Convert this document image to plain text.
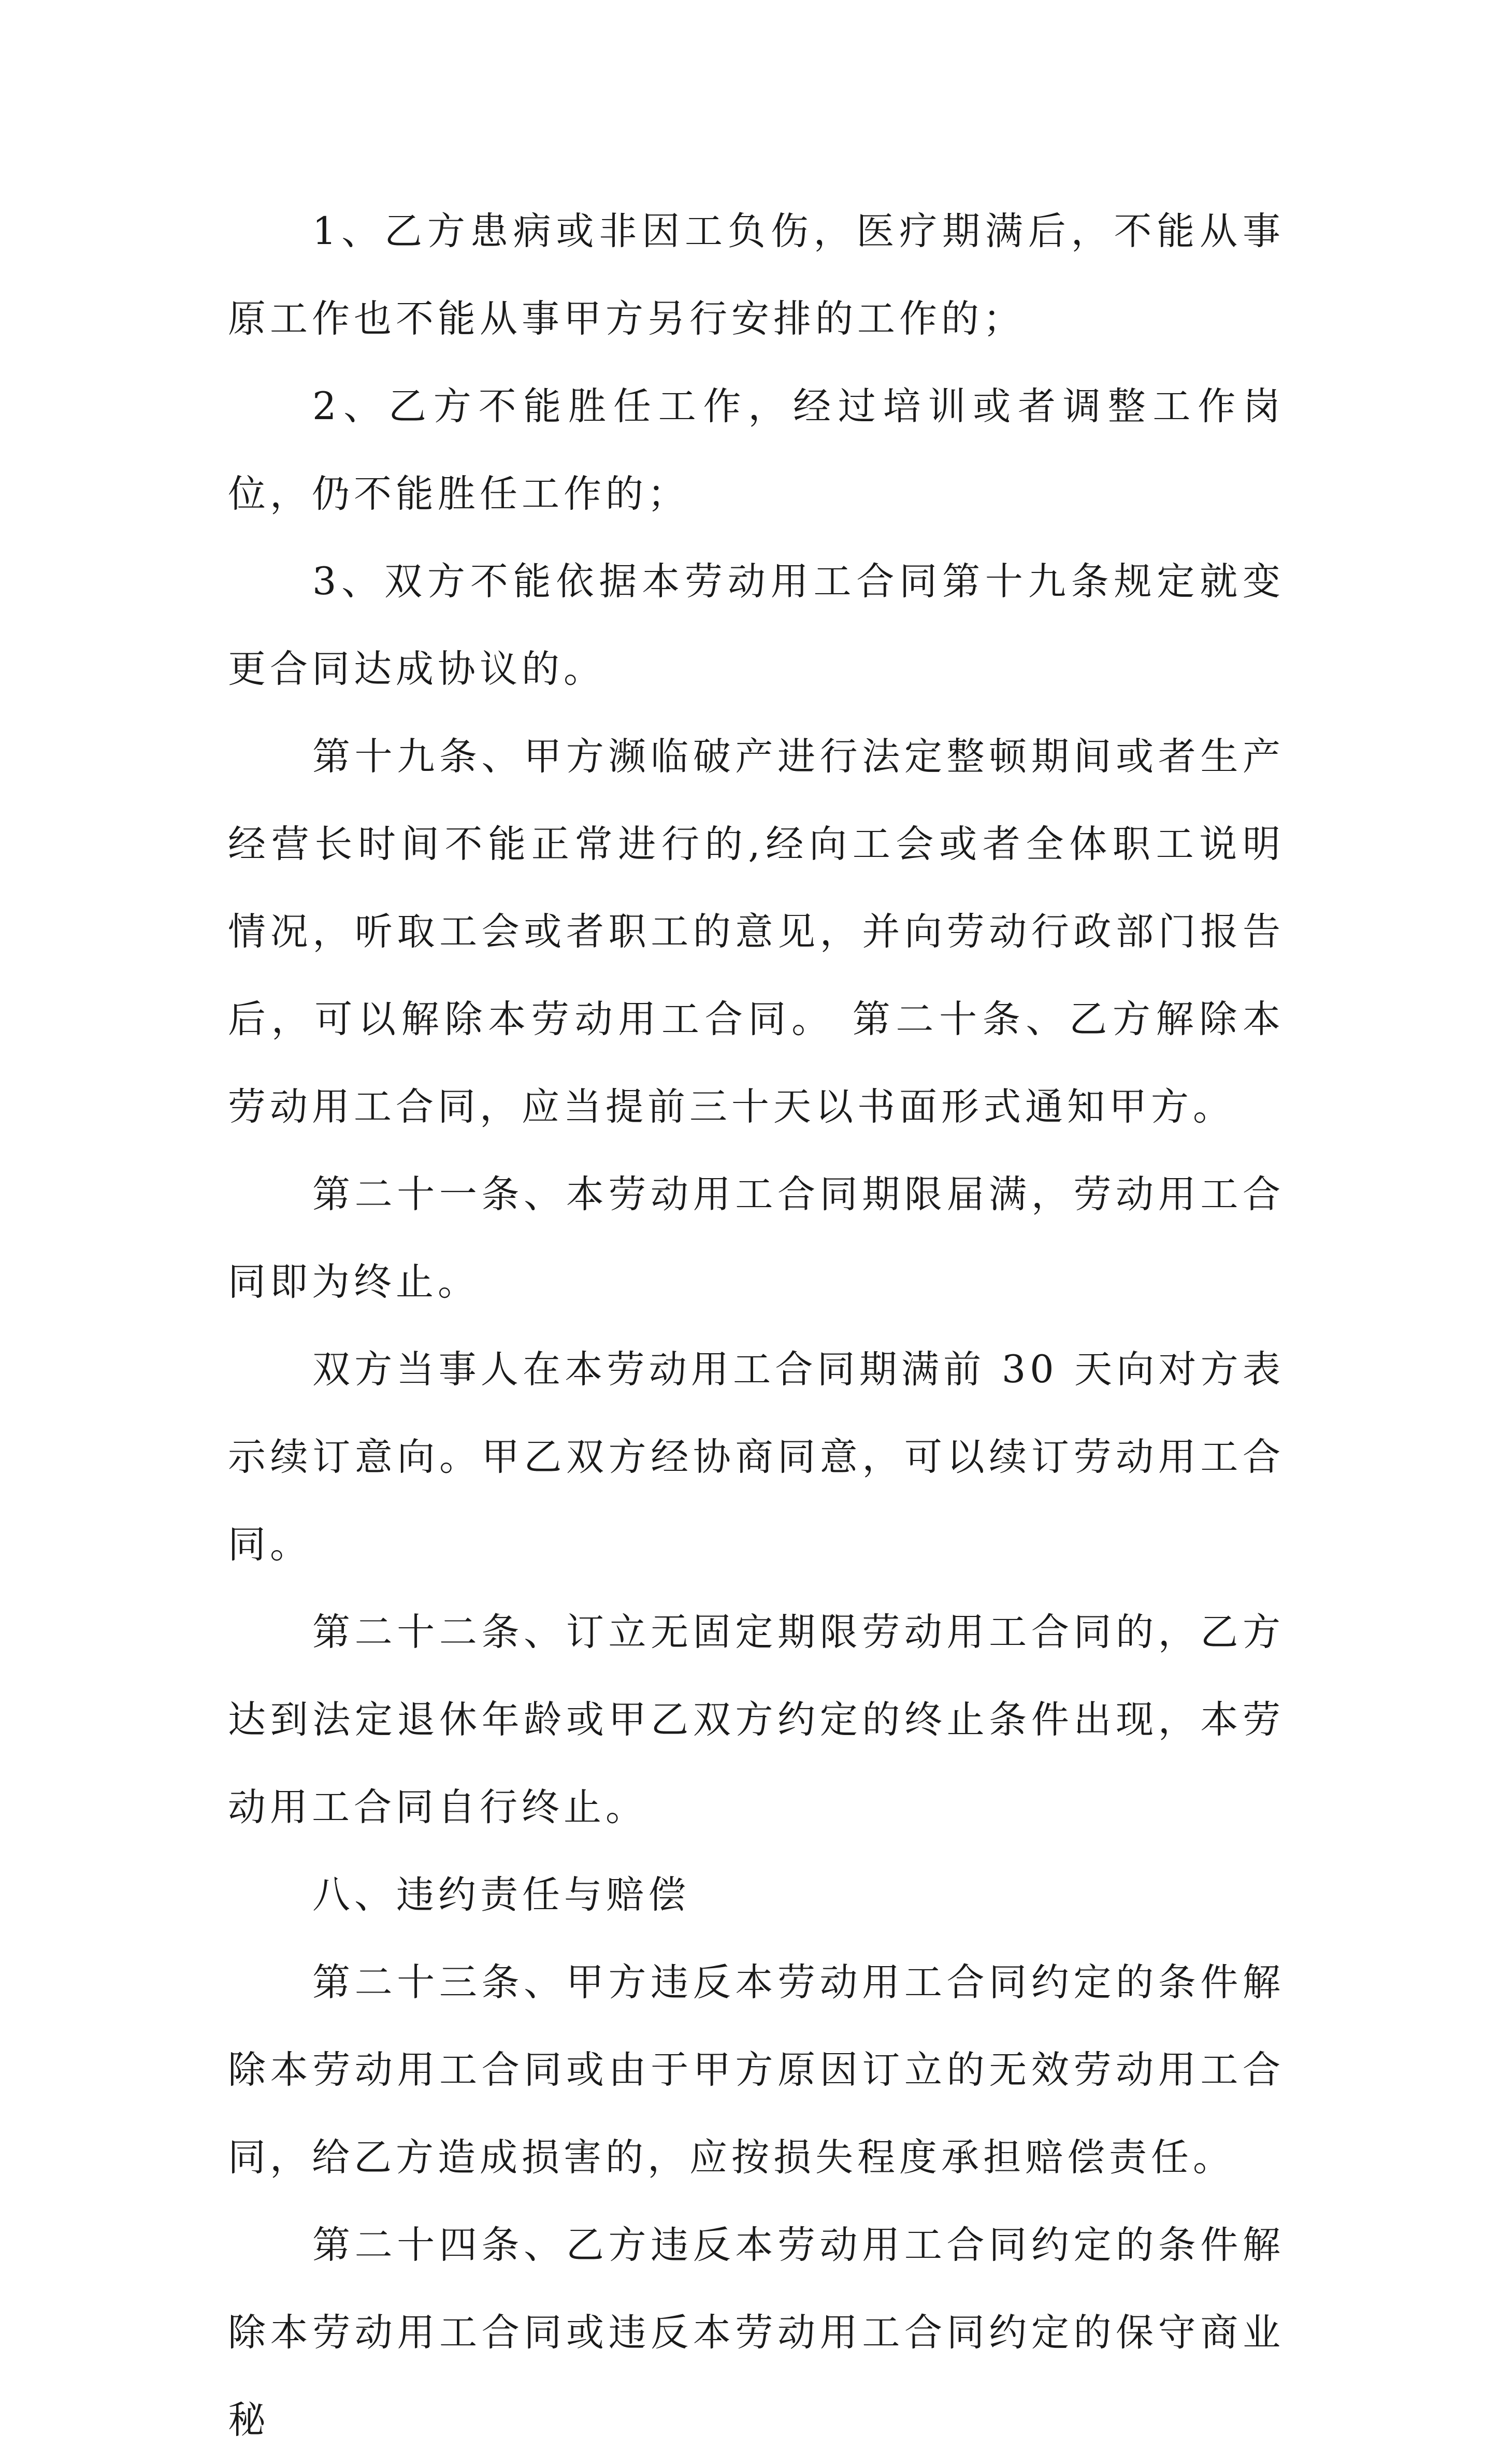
1、乙方患病或非因工负伤，医疗期满后，不能从事原工作也不能从事甲方另行安排的工作的；

2、乙方不能胜任工作，经过培训或者调整工作岗位，仍不能胜任工作的；

3、双方不能依据本劳动用工合同第十九条规定就变更合同达成协议的。

第十九条、甲方濒临破产进行法定整顿期间或者生产经营长时间不能正常进行的,经向工会或者全体职工说明情况，听取工会或者职工的意见，并向劳动行政部门报告后，可以解除本劳动用工合同。 第二十条、乙方解除本劳动用工合同，应当提前三十天以书面形式通知甲方。

第二十一条、本劳动用工合同期限届满，劳动用工合同即为终止。

双方当事人在本劳动用工合同期满前 30 天向对方表示续订意向。甲乙双方经协商同意，可以续订劳动用工合同。

第二十二条、订立无固定期限劳动用工合同的，乙方达到法定退休年龄或甲乙双方约定的终止条件出现，本劳动用工合同自行终止。

八、违约责任与赔偿

第二十三条、甲方违反本劳动用工合同约定的条件解除本劳动用工合同或由于甲方原因订立的无效劳动用工合同，给乙方造成损害的，应按损失程度承担赔偿责任。

第二十四条、乙方违反本劳动用工合同约定的条件解除本劳动用工合同或违反本劳动用工合同约定的保守商业秘
